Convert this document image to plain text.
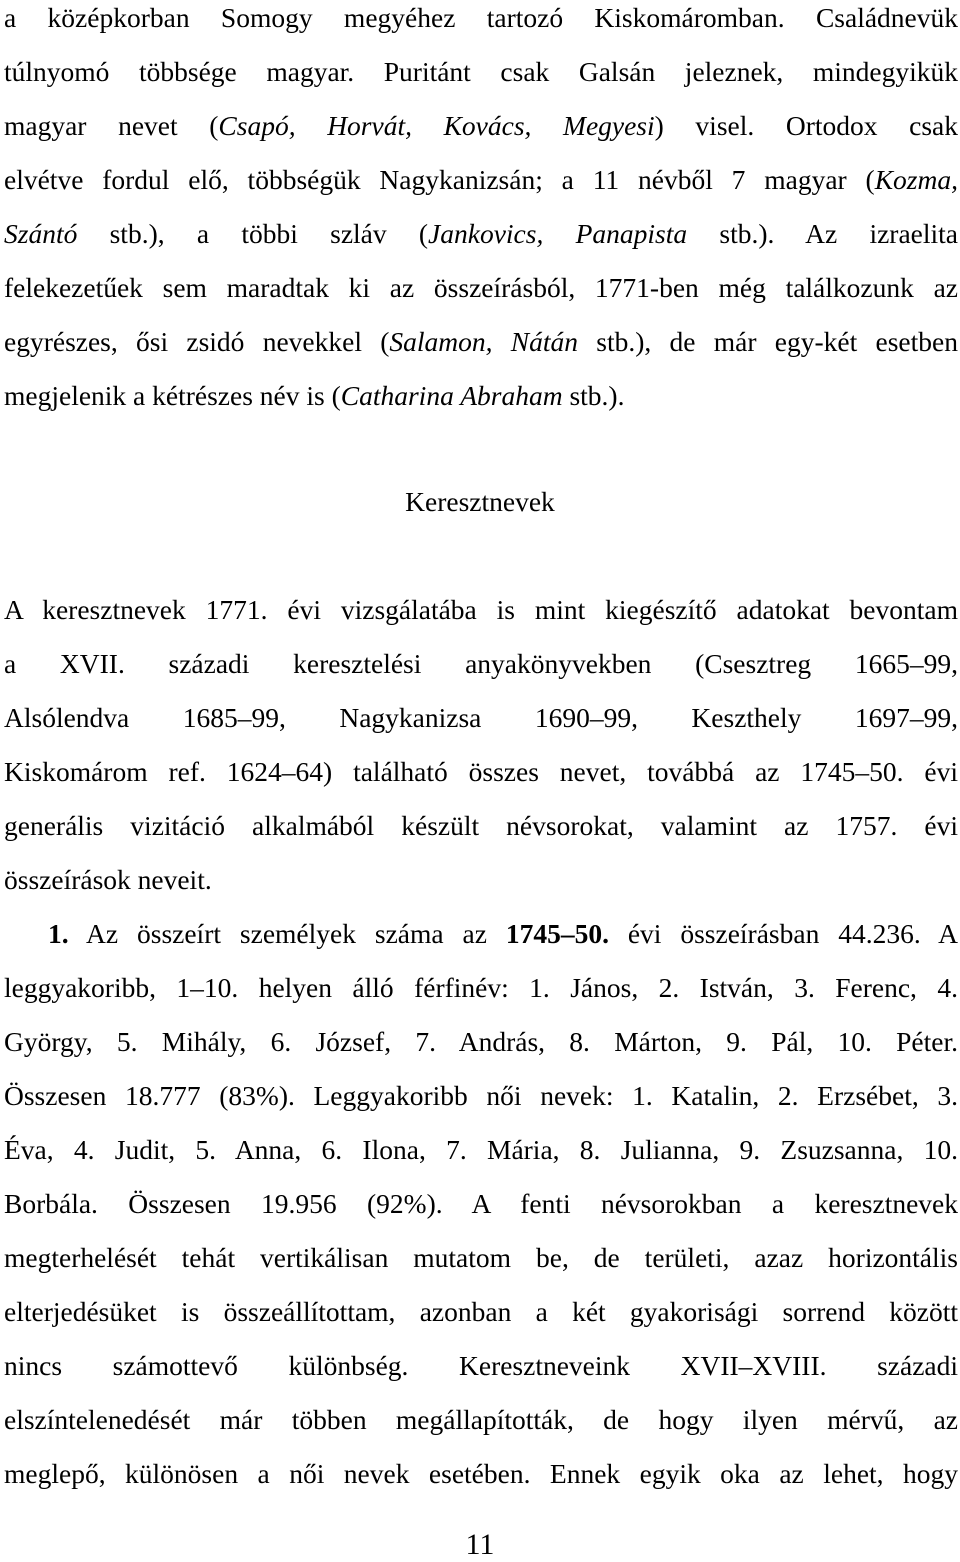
a középkorban Somogy megyéhez tartozó Kiskomáromban. Családnevük
túlnyomó többsége magyar. Puritánt csak Galsán jeleznek, mindegyikük
magyar nevet (Csapó, Horvát, Kovács, Megyesi) visel. Ortodox csak
elvétve fordul elő, többségük Nagykanizsán; a 11 névből 7 magyar (Kozma,
Szántó stb.), a többi szláv (Jankovics, Panapista stb.). Az izraelita
felekezetűek sem maradtak ki az összeírásból, 1771-ben még találkozunk az
egyrészes, ősi zsidó nevekkel (Salamon, Nátán stb.), de már egy-két esetben
megjelenik a kétrészes név is (Catharina Abraham stb.).
Keresztnevek
A keresztnevek 1771. évi vizsgálatába is mint kiegészítő adatokat bevontam
a XVII. századi keresztelési anyakönyvekben (Csesztreg 1665–99,
Alsólendva 1685–99, Nagykanizsa 1690–99, Keszthely 1697–99,
Kiskomárom ref. 1624–64) található összes nevet, továbbá az 1745–50. évi
generális vizitáció alkalmából készült névsorokat, valamint az 1757. évi
összeírások neveit.
1. Az összeírt személyek száma az 1745–50. évi összeírásban 44.236. A
leggyakoribb, 1–10. helyen álló férfinév: 1. János, 2. István, 3. Ferenc, 4.
György, 5. Mihály, 6. József, 7. András, 8. Márton, 9. Pál, 10. Péter.
Összesen 18.777 (83%). Leggyakoribb női nevek: 1. Katalin, 2. Erzsébet, 3.
Éva, 4. Judit, 5. Anna, 6. Ilona, 7. Mária, 8. Julianna, 9. Zsuzsanna, 10.
Borbála. Összesen 19.956 (92%). A fenti névsorokban a keresztnevek
megterhelését tehát vertikálisan mutatom be, de területi, azaz horizontális
elterjedésüket is összeállítottam, azonban a két gyakorisági sorrend között
nincs számottevő különbség. Keresztneveink XVII–XVIII. századi
elszíntelenedését már többen megállapították, de hogy ilyen mérvű, az
meglepő, különösen a női nevek esetében. Ennek egyik oka az lehet, hogy
11
